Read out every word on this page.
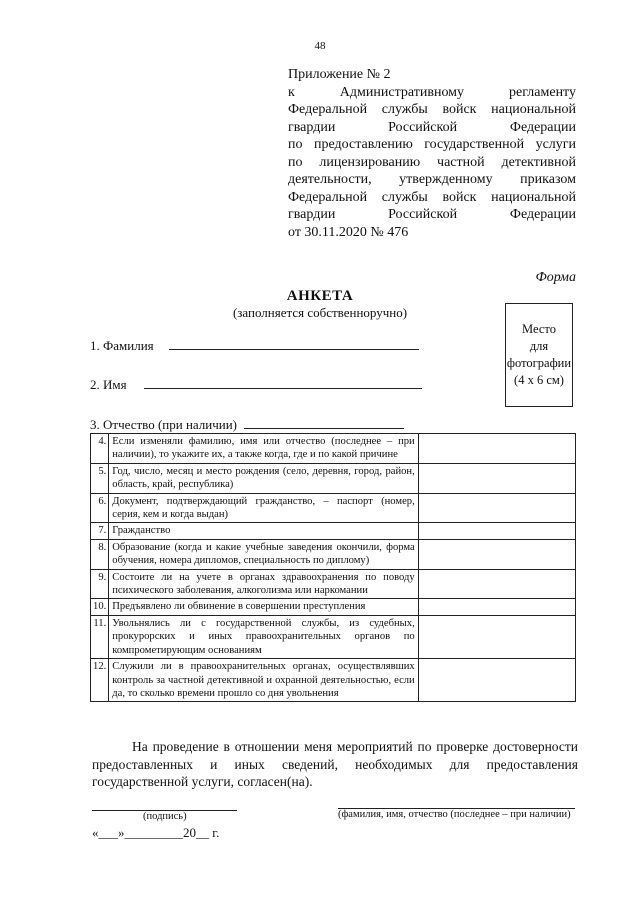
48
Приложение № 2
к Административному регламенту
Федеральной службы войск национальной
гвардии Российской Федерации
по предоставлению государственной услуги
по лицензированию частной детективной
деятельности, утвержденному приказом
Федеральной службы войск национальной
гвардии Российской Федерации
от 30.11.2020 № 476
Форма
АНКЕТА
(заполняется собственноручно)
Место
для
фотографии
(4 х 6 см)
1. Фамилия
2. Имя
3. Отчество (при наличии)
4.	Если изменяли фамилию, имя или отчество (последнее – при наличии), то укажите их, а также когда, где и по какой причине	
5.	Год, число, месяц и место рождения (село, деревня, город, район, область, край, республика)	
6.	Документ, подтверждающий гражданство, – паспорт (номер, серия, кем и когда выдан)	
7.	Гражданство	
8.	Образование (когда и какие учебные заведения окончили, форма обучения, номера дипломов, специальность по диплому)	
9.	Состоите ли на учете в органах здравоохранения по поводу психического заболевания, алкоголизма или наркомании	
10.	Предъявлено ли обвинение в совершении преступления	
11.	Увольнялись ли с государственной службы, из судебных, прокурорских и иных правоохранительных органов по компрометирующим основаниям	
12.	Служили ли в правоохранительных органах, осуществлявших контроль за частной детективной и охранной деятельностью, если да, то сколько времени прошло со дня увольнения	
На проведение в отношении меня мероприятий по проверке достоверности предоставленных и иных сведений, необходимых для предоставления государственной услуги, согласен(на).
(подпись)	(фамилия, имя, отчество (последнее – при наличии)
«___»_________20__ г.
